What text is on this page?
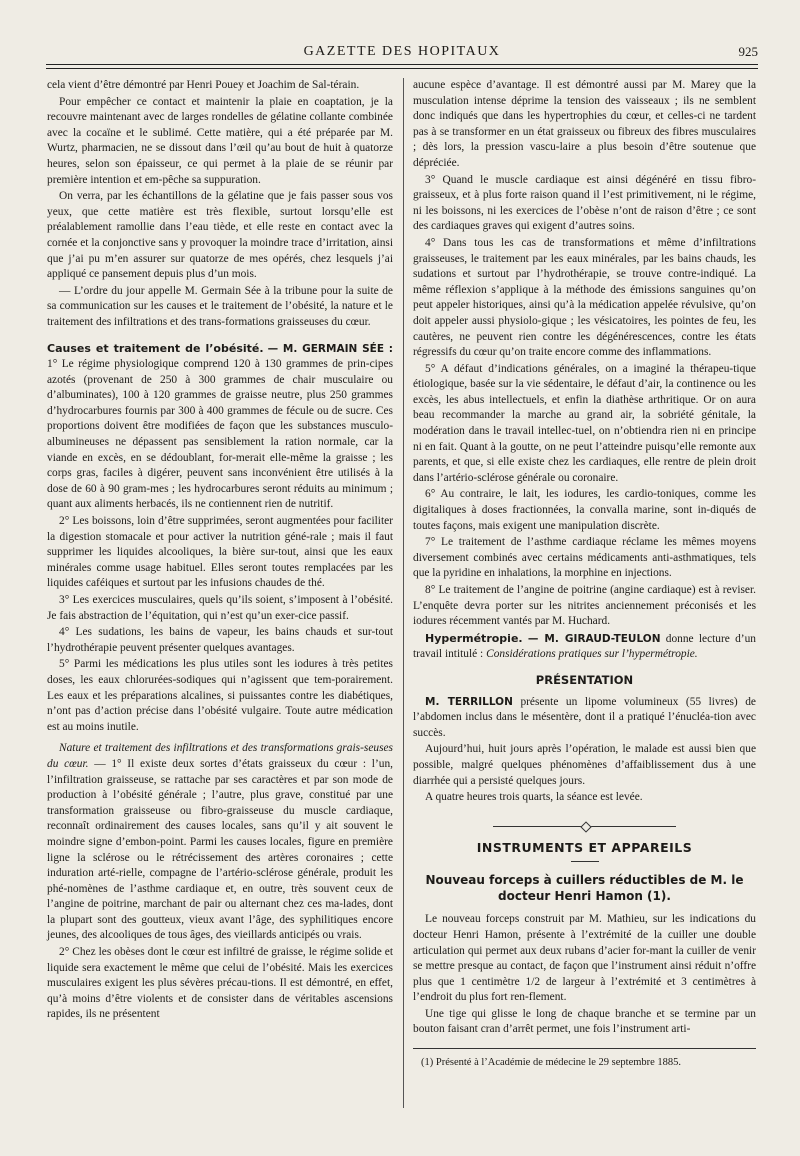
GAZETTE DES HOPITAUX	925

cela vient d’être démontré par Henri Pouey et Joachim de Sal-térain.

Pour empêcher ce contact et maintenir la plaie en coaptation, je la recouvre maintenant avec de larges rondelles de gélatine collante combinée avec la cocaïne et le sublimé. Cette matière, qui a été préparée par M. Wurtz, pharmacien, ne se dissout dans l’œil qu’au bout de huit à quatorze heures, selon son épaisseur, ce qui permet à la plaie de se réunir par première intention et em-pêche sa suppuration.

On verra, par les échantillons de la gélatine que je fais passer sous vos yeux, que cette matière est très flexible, surtout lorsqu’elle est préalablement ramollie dans l’eau tiède, et elle reste en contact avec la cornée et la conjonctive sans y provoquer la moindre trace d’irritation, ainsi que j’ai pu m’en assurer sur quatorze de mes opérés, chez lesquels j’ai appliqué ce pansement depuis plus d’un mois.

— L’ordre du jour appelle M. Germain Sée à la tribune pour la suite de sa communication sur les causes et le traitement de l’obésité, la nature et le traitement des infiltrations et des trans-formations graisseuses du cœur.

Causes et traitement de l’obésité. — M. GERMAIN SÉE : 1° Le régime physiologique comprend 120 à 130 grammes de prin-cipes azotés (provenant de 250 à 300 grammes de chair musculaire ou d’albuminates), 100 à 120 grammes de graisse neutre, plus 250 grammes d’hydrocarbures fournis par 300 à 400 grammes de fécule ou de sucre. Ces proportions doivent être modifiées de façon que les substances musculo-albumineuses ne dépassent pas sensiblement la ration normale, car la viande en excès, en se dédoublant, for-merait elle-même la graisse ; les corps gras, faciles à digérer, peuvent sans inconvénient être utilisés à la dose de 60 à 90 gram-mes ; les hydrocarbures seront réduits au minimum ; quant aux aliments herbacés, ils ne contiennent rien de nutritif.

2° Les boissons, loin d’être supprimées, seront augmentées pour faciliter la digestion stomacale et pour activer la nutrition géné-rale ; mais il faut supprimer les liquides alcooliques, la bière sur-tout, ainsi que les eaux minérales comme usage habituel. Elles seront toutes remplacées par les liquides caféiques et surtout par les infusions chaudes de thé.

3° Les exercices musculaires, quels qu’ils soient, s’imposent à l’obésité. Je fais abstraction de l’équitation, qui n’est qu’un exer-cice passif.

4° Les sudations, les bains de vapeur, les bains chauds et sur-tout l’hydrothérapie peuvent présenter quelques avantages.

5° Parmi les médications les plus utiles sont les iodures à très petites doses, les eaux chlorurées-sodiques qui n’agissent que tem-porairement. Les eaux et les préparations alcalines, si puissantes contre les diabétiques, n’ont pas d’action précise dans l’obésité vulgaire. Toute autre médication est au moins inutile.

Nature et traitement des infiltrations et des transformations grais-seuses du cœur. — 1° Il existe deux sortes d’états graisseux du cœur : l’un, l’infiltration graisseuse, se rattache par ses caractères et par son mode de production à l’obésité générale ; l’autre, plus grave, constitué par une transformation graisseuse ou fibro-graisseuse du muscle cardiaque, reconnaît ordinairement des causes locales, sans qu’il y ait souvent le moindre signe d’embon-point. Parmi les causes locales, figure en première ligne la sclérose ou le rétrécissement des artères coronaires ; cette induration arté-rielle, compagne de l’artério-sclérose générale, produit les phé-nomènes de l’asthme cardiaque et, en outre, très souvent ceux de l’angine de poitrine, marchant de pair ou alternant chez ces ma-lades, dont la plupart sont des goutteux, vieux avant l’âge, des syphilitiques encore jeunes, des alcooliques de tous âges, des vieillards anticipés ou vrais.

2° Chez les obèses dont le cœur est infiltré de graisse, le régime solide et liquide sera exactement le même que celui de l’obésité. Mais les exercices musculaires exigent les plus sévères précau-tions. Il est démontré, en effet, qu’à moins d’être violents et de consister dans de véritables ascensions rapides, ils ne présentent

aucune espèce d’avantage. Il est démontré aussi par M. Marey que la musculation intense déprime la tension des vaisseaux ; ils ne semblent donc indiqués que dans les hypertrophies du cœur, et celles-ci ne tardent pas à se transformer en un état graisseux ou fibreux des fibres musculaires ; dès lors, la pression vascu-laire a plus besoin d’être soutenue que dépréciée.

3° Quand le muscle cardiaque est ainsi dégénéré en tissu fibro-graisseux, et à plus forte raison quand il l’est primitivement, ni le régime, ni les boissons, ni les exercices de l’obèse n’ont de raison d’être ; ce sont des cardiaques graves qui exigent d’autres soins.

4° Dans tous les cas de transformations et même d’infiltrations graisseuses, le traitement par les eaux minérales, par les bains chauds, les sudations et surtout par l’hydrothérapie, se trouve contre-indiqué. La même réflexion s’applique à la méthode des émissions sanguines qu’on peut appeler historiques, ainsi qu’à la médication appelée révulsive, qu’on doit appeler aussi physiolo-gique ; les vésicatoires, les pointes de feu, les cautères, ne peuvent rien contre les dégénérescences, contre les états régressifs du cœur qu’on traite encore comme des inflammations.

5° A défaut d’indications générales, on a imaginé la thérapeu-tique étiologique, basée sur la vie sédentaire, le défaut d’air, la continence ou les excès, les abus intellectuels, et enfin la diathèse arthritique. Or on aura beau recommander la marche au grand air, la sobriété génitale, la modération dans le travail intellec-tuel, on n’obtiendra rien ni en principe ni en fait. Quant à la goutte, on ne peut l’atteindre puisqu’elle remonte aux parents, et que, si elle existe chez les cardiaques, elle rentre de plein droit dans l’artério-sclérose générale ou coronaire.

6° Au contraire, le lait, les iodures, les cardio-toniques, comme les digitaliques à doses fractionnées, la convalla marine, sont in-diqués de toutes façons, mais exigent une manipulation discrète.

7° Le traitement de l’asthme cardiaque réclame les mêmes moyens diversement combinés avec certains médicaments anti-asthmatiques, tels que la pyridine en inhalations, la morphine en injections.

8° Le traitement de l’angine de poitrine (angine cardiaque) est à reviser. L’enquête devra porter sur les nitrites anciennement préconisés et les iodures récemment vantés par M. Huchard.

Hypermétropie. — M. GIRAUD-TEULON donne lecture d’un travail intitulé : Considérations pratiques sur l’hypermétropie.

PRÉSENTATION

M. TERRILLON présente un lipome volumineux (55 livres) de l’abdomen inclus dans le mésentère, dont il a pratiqué l’énucléa-tion avec succès.

Aujourd’hui, huit jours après l’opération, le malade est aussi bien que possible, malgré quelques phénomènes d’affaiblissement dus à une diarrhée qui a persisté quelques jours.

A quatre heures trois quarts, la séance est levée.

INSTRUMENTS ET APPAREILS
Nouveau forceps à cuillers réductibles de M. le docteur Henri Hamon (1).

Le nouveau forceps construit par M. Mathieu, sur les indications du docteur Henri Hamon, présente à l’extrémité de la cuiller une double articulation qui permet aux deux rubans d’acier for-mant la cuiller de venir se mettre presque au contact, de façon que l’instrument ainsi réduit n’offre plus que 1 centimètre 1/2 de largeur à l’extrémité et 3 centimètres à l’endroit du plus fort ren-flement.

Une tige qui glisse le long de chaque branche et se termine par un bouton faisant cran d’arrêt permet, une fois l’instrument arti-

(1) Présenté à l’Académie de médecine le 29 septembre 1885.
